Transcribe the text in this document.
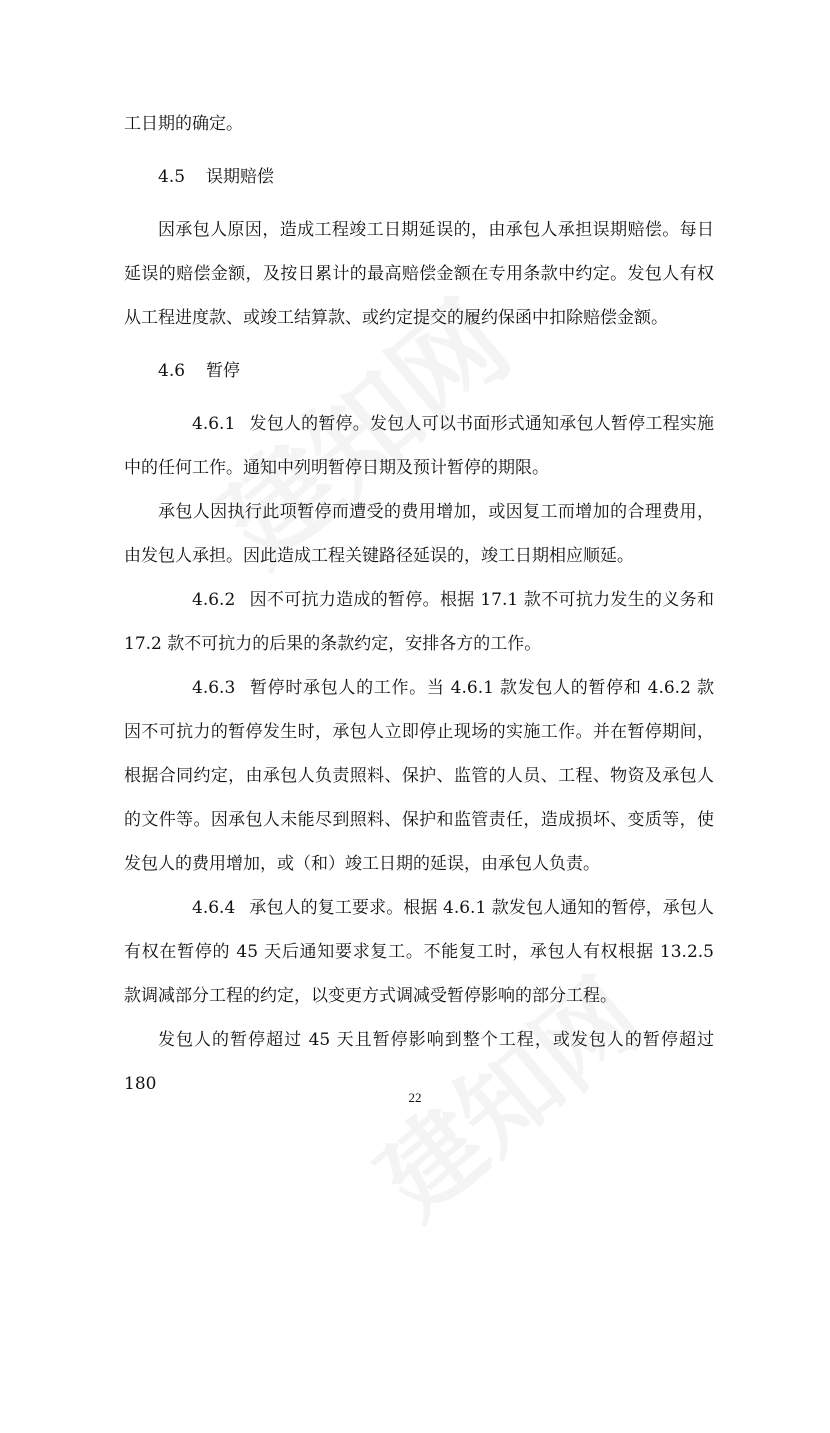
工日期的确定。

4.5 误期赔偿

因承包人原因，造成工程竣工日期延误的，由承包人承担误期赔偿。每日延误的赔偿金额，及按日累计的最高赔偿金额在专用条款中约定。发包人有权从工程进度款、或竣工结算款、或约定提交的履约保函中扣除赔偿金额。

4.6 暂停

4.6.1 发包人的暂停。发包人可以书面形式通知承包人暂停工程实施中的任何工作。通知中列明暂停日期及预计暂停的期限。

承包人因执行此项暂停而遭受的费用增加，或因复工而增加的合理费用，由发包人承担。因此造成工程关键路径延误的，竣工日期相应顺延。

4.6.2 因不可抗力造成的暂停。根据 17.1 款不可抗力发生的义务和 17.2 款不可抗力的后果的条款约定，安排各方的工作。

4.6.3 暂停时承包人的工作。当 4.6.1 款发包人的暂停和 4.6.2 款因不可抗力的暂停发生时，承包人立即停止现场的实施工作。并在暂停期间，根据合同约定，由承包人负责照料、保护、监管的人员、工程、物资及承包人的文件等。因承包人未能尽到照料、保护和监管责任，造成损坏、变质等，使发包人的费用增加，或（和）竣工日期的延误，由承包人负责。

4.6.4 承包人的复工要求。根据 4.6.1 款发包人通知的暂停，承包人有权在暂停的 45 天后通知要求复工。不能复工时，承包人有权根据 13.2.5 款调减部分工程的约定，以变更方式调减受暂停影响的部分工程。

发包人的暂停超过 45 天且暂停影响到整个工程，或发包人的暂停超过 180

22
